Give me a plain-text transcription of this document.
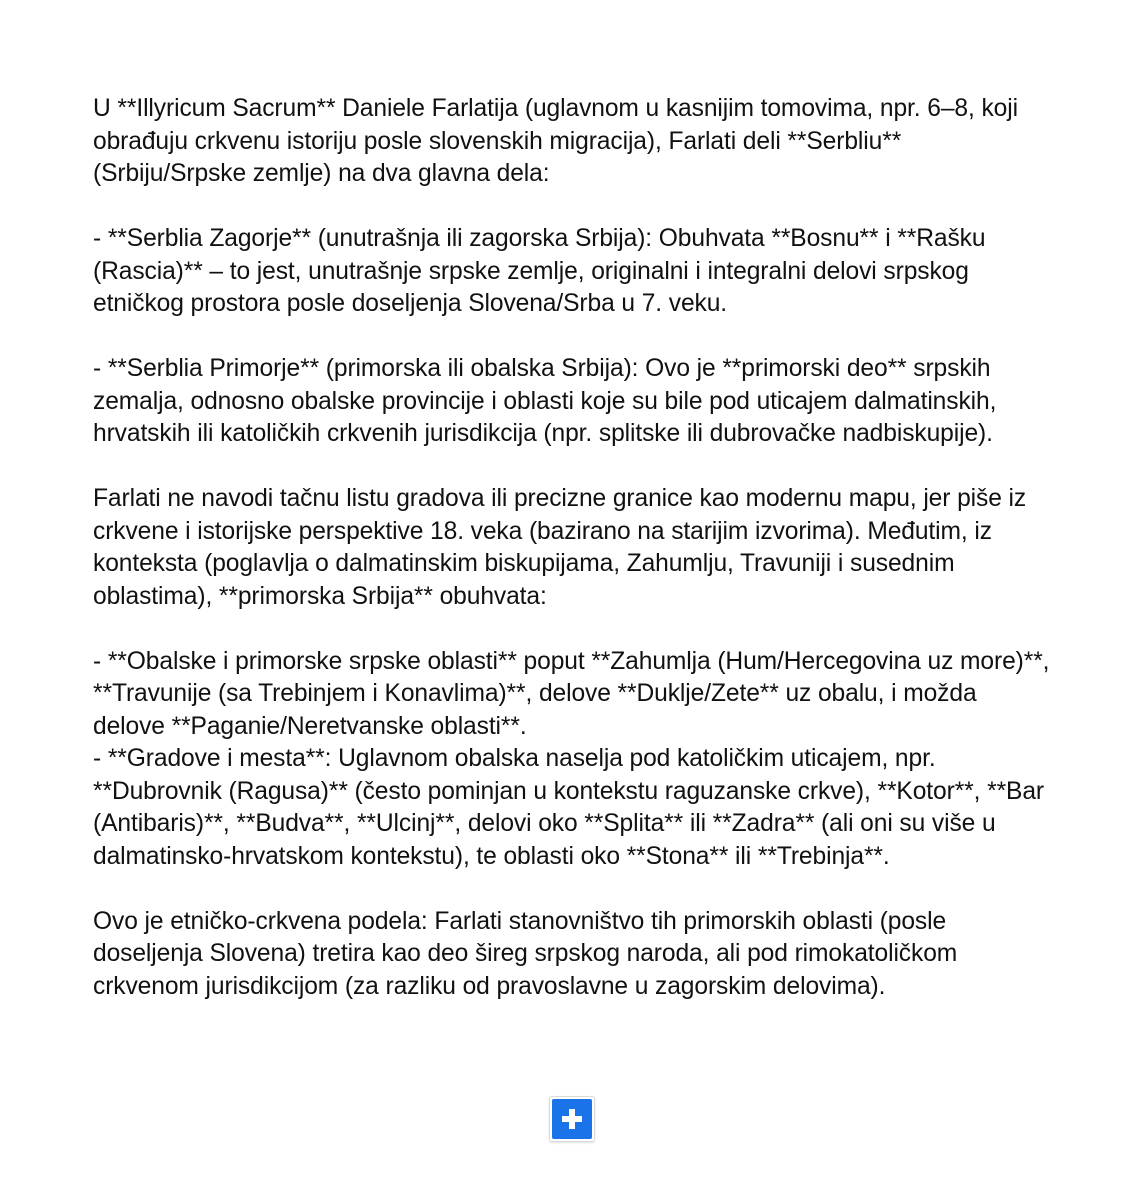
U **Illyricum Sacrum** Daniele Farlatija (uglavnom u kasnijim tomovima, npr. 6–8, koji obrađuju crkvenu istoriju posle slovenskih migracija), Farlati deli **Serbliu** (Srbiju/Srpske zemlje) na dva glavna dela:

- **Serblia Zagorje** (unutrašnja ili zagorska Srbija): Obuhvata **Bosnu** i **Rašku (Rascia)** – to jest, unutrašnje srpske zemlje, originalni i integralni delovi srpskog etničkog prostora posle doseljenja Slovena/Srba u 7. veku.

- **Serblia Primorje** (primorska ili obalska Srbija): Ovo je **primorski deo** srpskih zemalja, odnosno obalske provincije i oblasti koje su bile pod uticajem dalmatinskih, hrvatskih ili katoličkih crkvenih jurisdikcija (npr. splitske ili dubrovačke nadbiskupije).

Farlati ne navodi tačnu listu gradova ili precizne granice kao modernu mapu, jer piše iz crkvene i istorijske perspektive 18. veka (bazirano na starijim izvorima). Međutim, iz konteksta (poglavlja o dalmatinskim biskupijama, Zahumlju, Travuniji i susednim oblastima), **primorska Srbija** obuhvata:

- **Obalske i primorske srpske oblasti** poput **Zahumlja (Hum/Hercegovina uz more)**, **Travunije (sa Trebinjem i Konavlima)**, delove **Duklje/Zete** uz obalu, i možda delove **Paganie/Neretvanske oblasti**.

- **Gradove i mesta**: Uglavnom obalska naselja pod katoličkim uticajem, npr. **Dubrovnik (Ragusa)** (često pominjan u kontekstu raguzanske crkve), **Kotor**, **Bar (Antibaris)**, **Budva**, **Ulcinj**, delovi oko **Splita** ili **Zadra** (ali oni su više u dalmatinsko-hrvatskom kontekstu), te oblasti oko **Stona** ili **Trebinja**.

Ovo je etničko-crkvena podela: Farlati stanovništvo tih primorskih oblasti (posle doseljenja Slovena) tretira kao deo šireg srpskog naroda, ali pod rimokatoličkom crkvenom jurisdikcijom (za razliku od pravoslavne u zagorskim delovima).
